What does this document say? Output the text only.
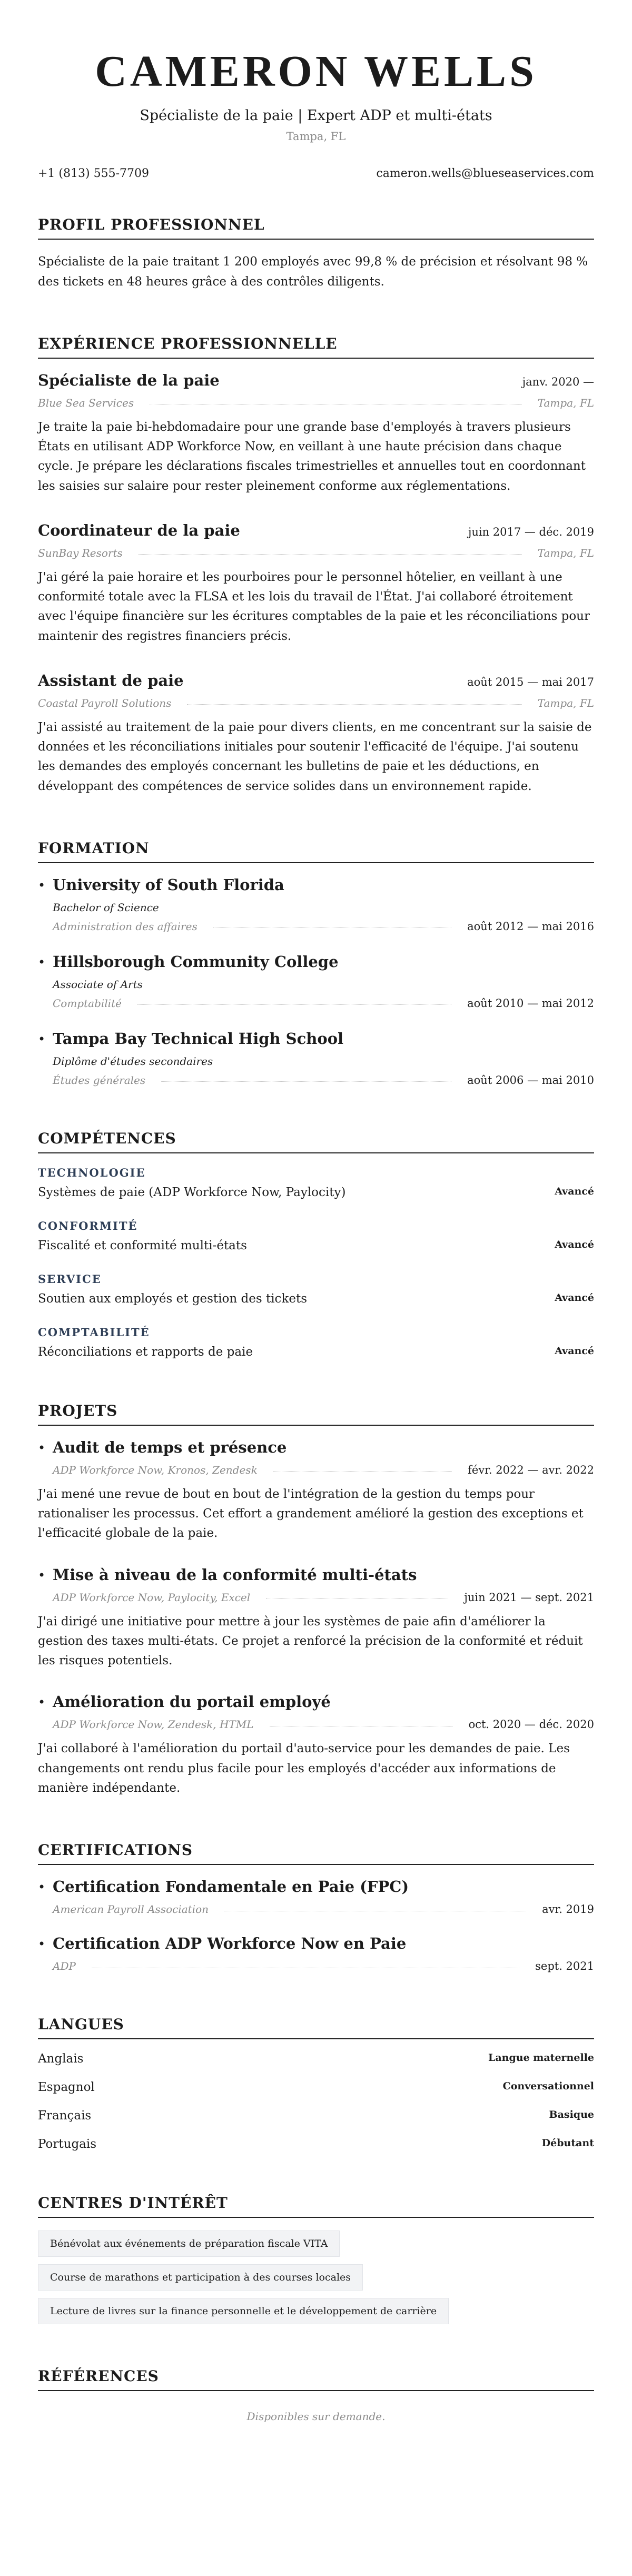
CAMERON WELLS
Spécialiste de la paie | Expert ADP et multi-états
Tampa, FL
+1 (813) 555-7709	cameron.wells@blueseaservices.com
PROFIL PROFESSIONNEL

Spécialiste de la paie traitant 1 200 employés avec 99,8 % de précision et résolvant 98 % des tickets en 48 heures grâce à des contrôles diligents.

EXPÉRIENCE PROFESSIONNELLE
Spécialiste de la paie	janv. 2020 —
Blue Sea Services	Tampa, FL

Je traite la paie bi-hebdomadaire pour une grande base d'employés à travers plusieurs États en utilisant ADP Workforce Now, en veillant à une haute précision dans chaque cycle. Je prépare les déclarations fiscales trimestrielles et annuelles tout en coordonnant les saisies sur salaire pour rester pleinement conforme aux réglementations.

Coordinateur de la paie	juin 2017 — déc. 2019
SunBay Resorts	Tampa, FL

J'ai géré la paie horaire et les pourboires pour le personnel hôtelier, en veillant à une conformité totale avec la FLSA et les lois du travail de l'État. J'ai collaboré étroitement avec l'équipe financière sur les écritures comptables de la paie et les réconciliations pour maintenir des registres financiers précis.

Assistant de paie	août 2015 — mai 2017
Coastal Payroll Solutions	Tampa, FL

J'ai assisté au traitement de la paie pour divers clients, en me concentrant sur la saisie de données et les réconciliations initiales pour soutenir l'efficacité de l'équipe. J'ai soutenu les demandes des employés concernant les bulletins de paie et les déductions, en développant des compétences de service solides dans un environnement rapide.

FORMATION
• University of South Florida
Bachelor of Science
Administration des affaires	août 2012 — mai 2016
• Hillsborough Community College
Associate of Arts
Comptabilité	août 2010 — mai 2012
• Tampa Bay Technical High School
Diplôme d'études secondaires
Études générales	août 2006 — mai 2010
COMPÉTENCES
TECHNOLOGIE
Systèmes de paie (ADP Workforce Now, Paylocity)	Avancé
CONFORMITÉ
Fiscalité et conformité multi-états	Avancé
SERVICE
Soutien aux employés et gestion des tickets	Avancé
COMPTABILITÉ
Réconciliations et rapports de paie	Avancé
PROJETS
• Audit de temps et présence
ADP Workforce Now, Kronos, Zendesk	févr. 2022 — avr. 2022

J'ai mené une revue de bout en bout de l'intégration de la gestion du temps pour rationaliser les processus. Cet effort a grandement amélioré la gestion des exceptions et l'efficacité globale de la paie.

• Mise à niveau de la conformité multi-états
ADP Workforce Now, Paylocity, Excel	juin 2021 — sept. 2021

J'ai dirigé une initiative pour mettre à jour les systèmes de paie afin d'améliorer la gestion des taxes multi-états. Ce projet a renforcé la précision de la conformité et réduit les risques potentiels.

• Amélioration du portail employé
ADP Workforce Now, Zendesk, HTML	oct. 2020 — déc. 2020

J'ai collaboré à l'amélioration du portail d'auto-service pour les demandes de paie. Les changements ont rendu plus facile pour les employés d'accéder aux informations de manière indépendante.

CERTIFICATIONS
• Certification Fondamentale en Paie (FPC)
American Payroll Association	avr. 2019
• Certification ADP Workforce Now en Paie
ADP	sept. 2021
LANGUES
Anglais	Langue maternelle
Espagnol	Conversationnel
Français	Basique
Portugais	Débutant
CENTRES D'INTÉRÊT
Bénévolat aux événements de préparation fiscale VITA
Course de marathons et participation à des courses locales
Lecture de livres sur la finance personnelle et le développement de carrière
RÉFÉRENCES
Disponibles sur demande.
